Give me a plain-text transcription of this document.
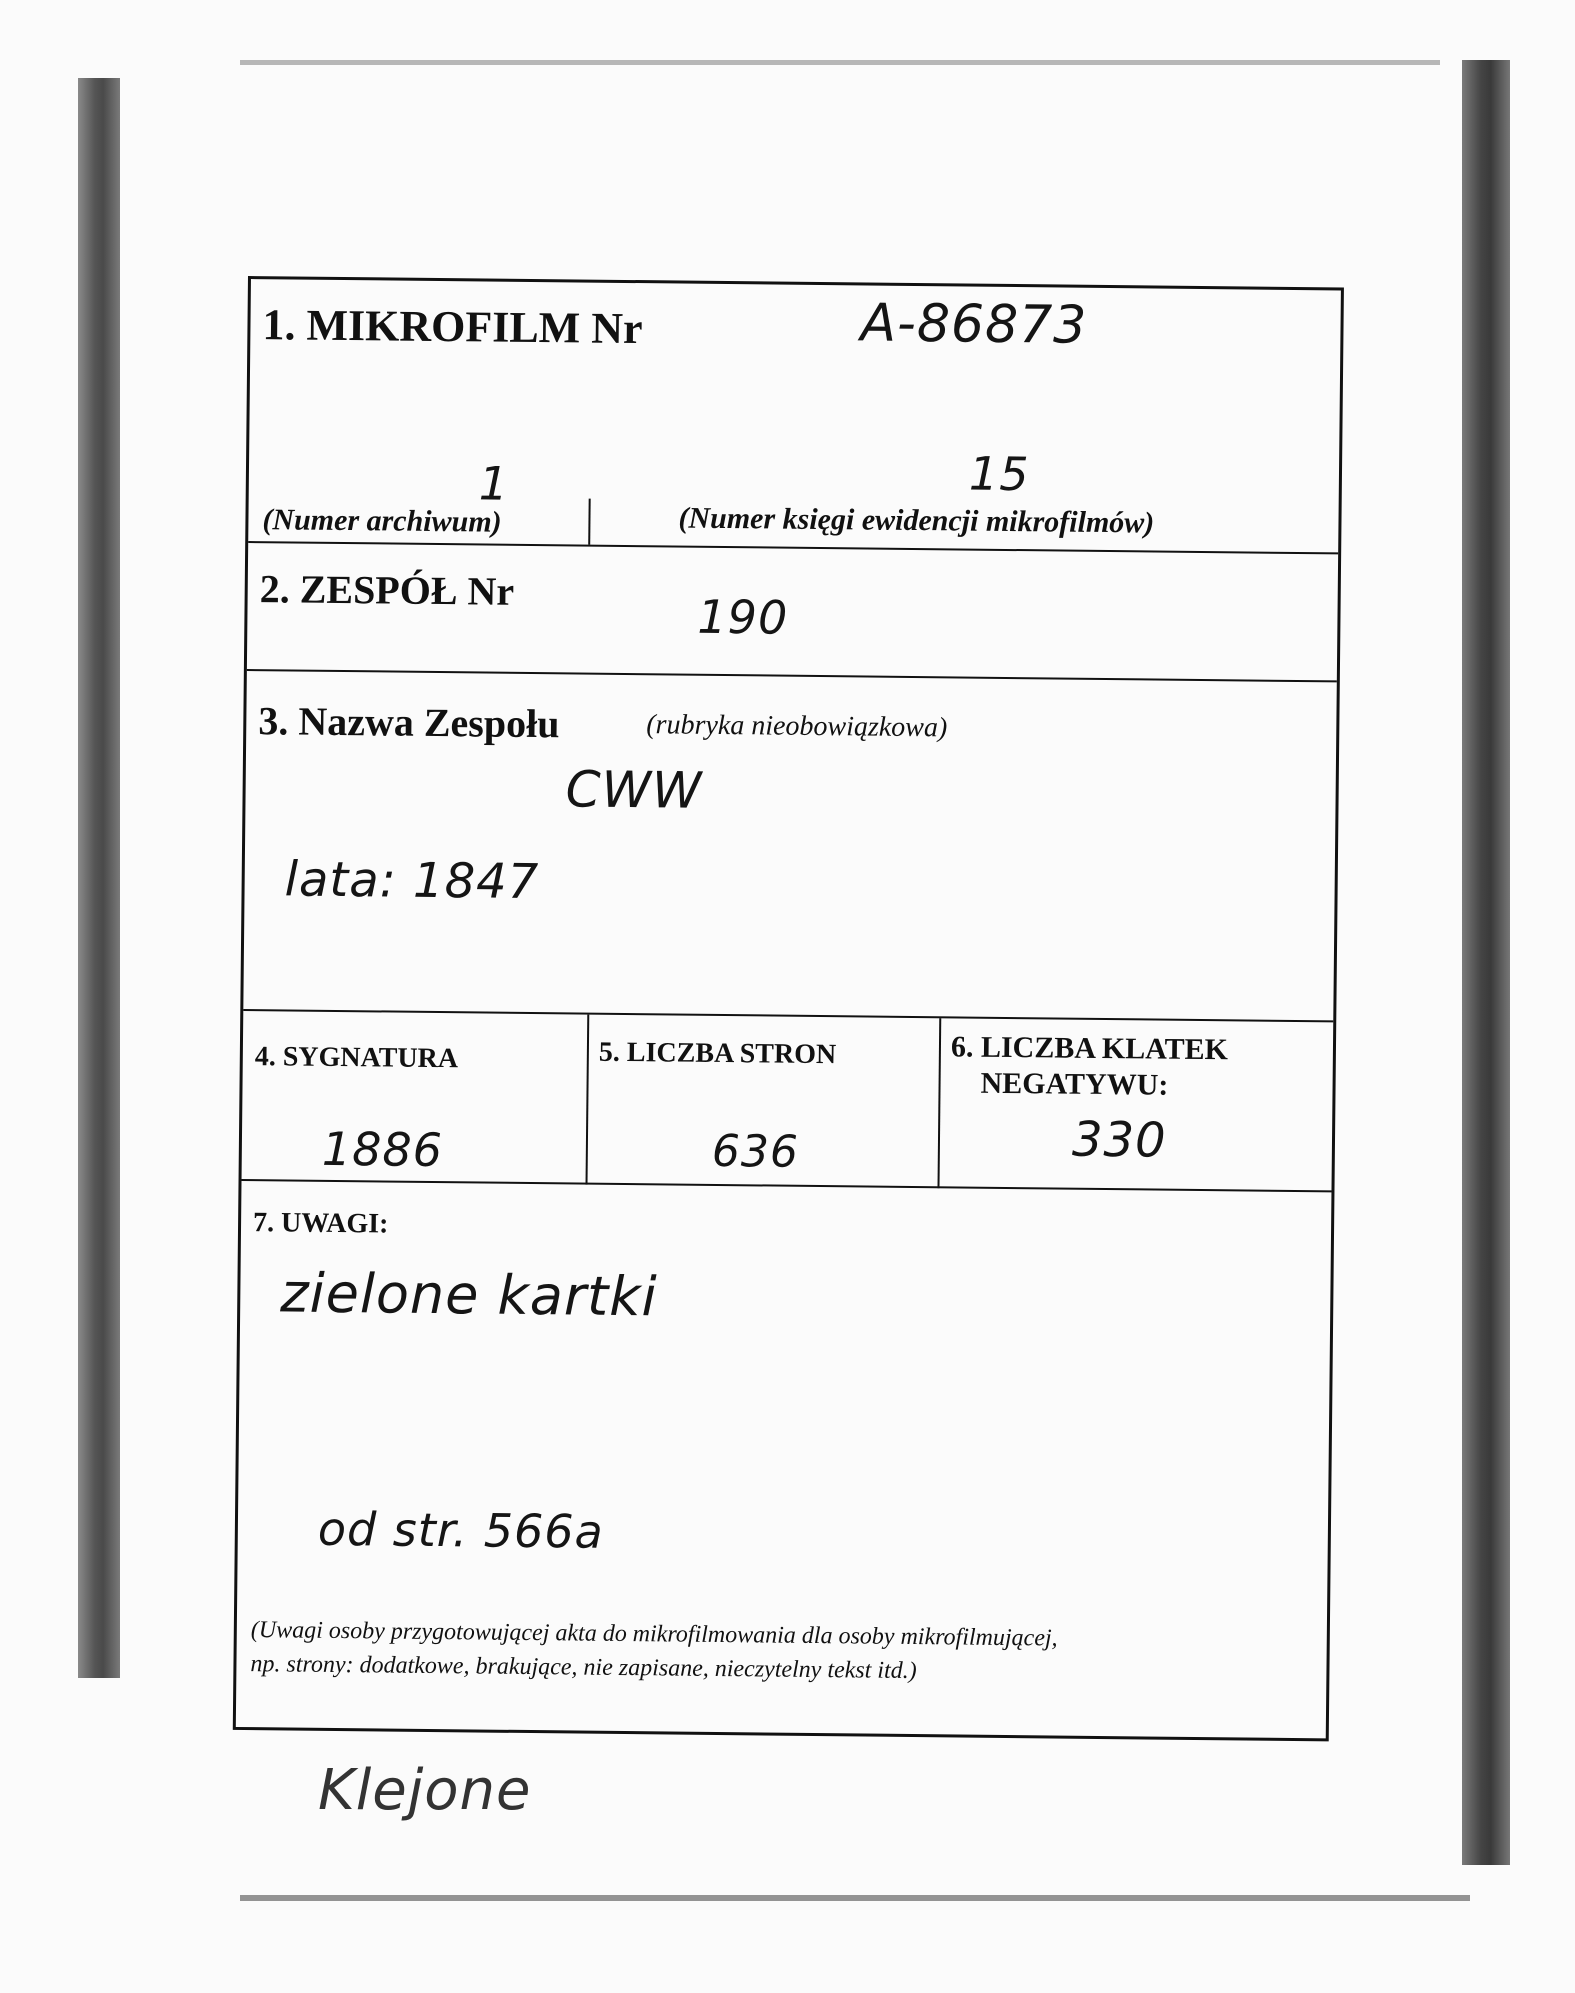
1. MIKROFILM Nr	A-86873
1	15
(Numer archiwum)	(Numer księgi ewidencji mikrofilmów)
2. ZESPÓŁ Nr	190
3. Nazwa Zespołu	(rubryka nieobowiązkowa)
CWW
lata: 1847
4. SYGNATURA
1886
5. LICZBA STRON
636
6. LICZBA KLATEK
NEGATYWU:
330
7. UWAGI:
zielone kartki
od str. 566a
(Uwagi osoby przygotowującej akta do mikrofilmowania dla osoby mikrofilmującej,
np. strony: dodatkowe, brakujące, nie zapisane, nieczytelny tekst itd.)
Klejone
